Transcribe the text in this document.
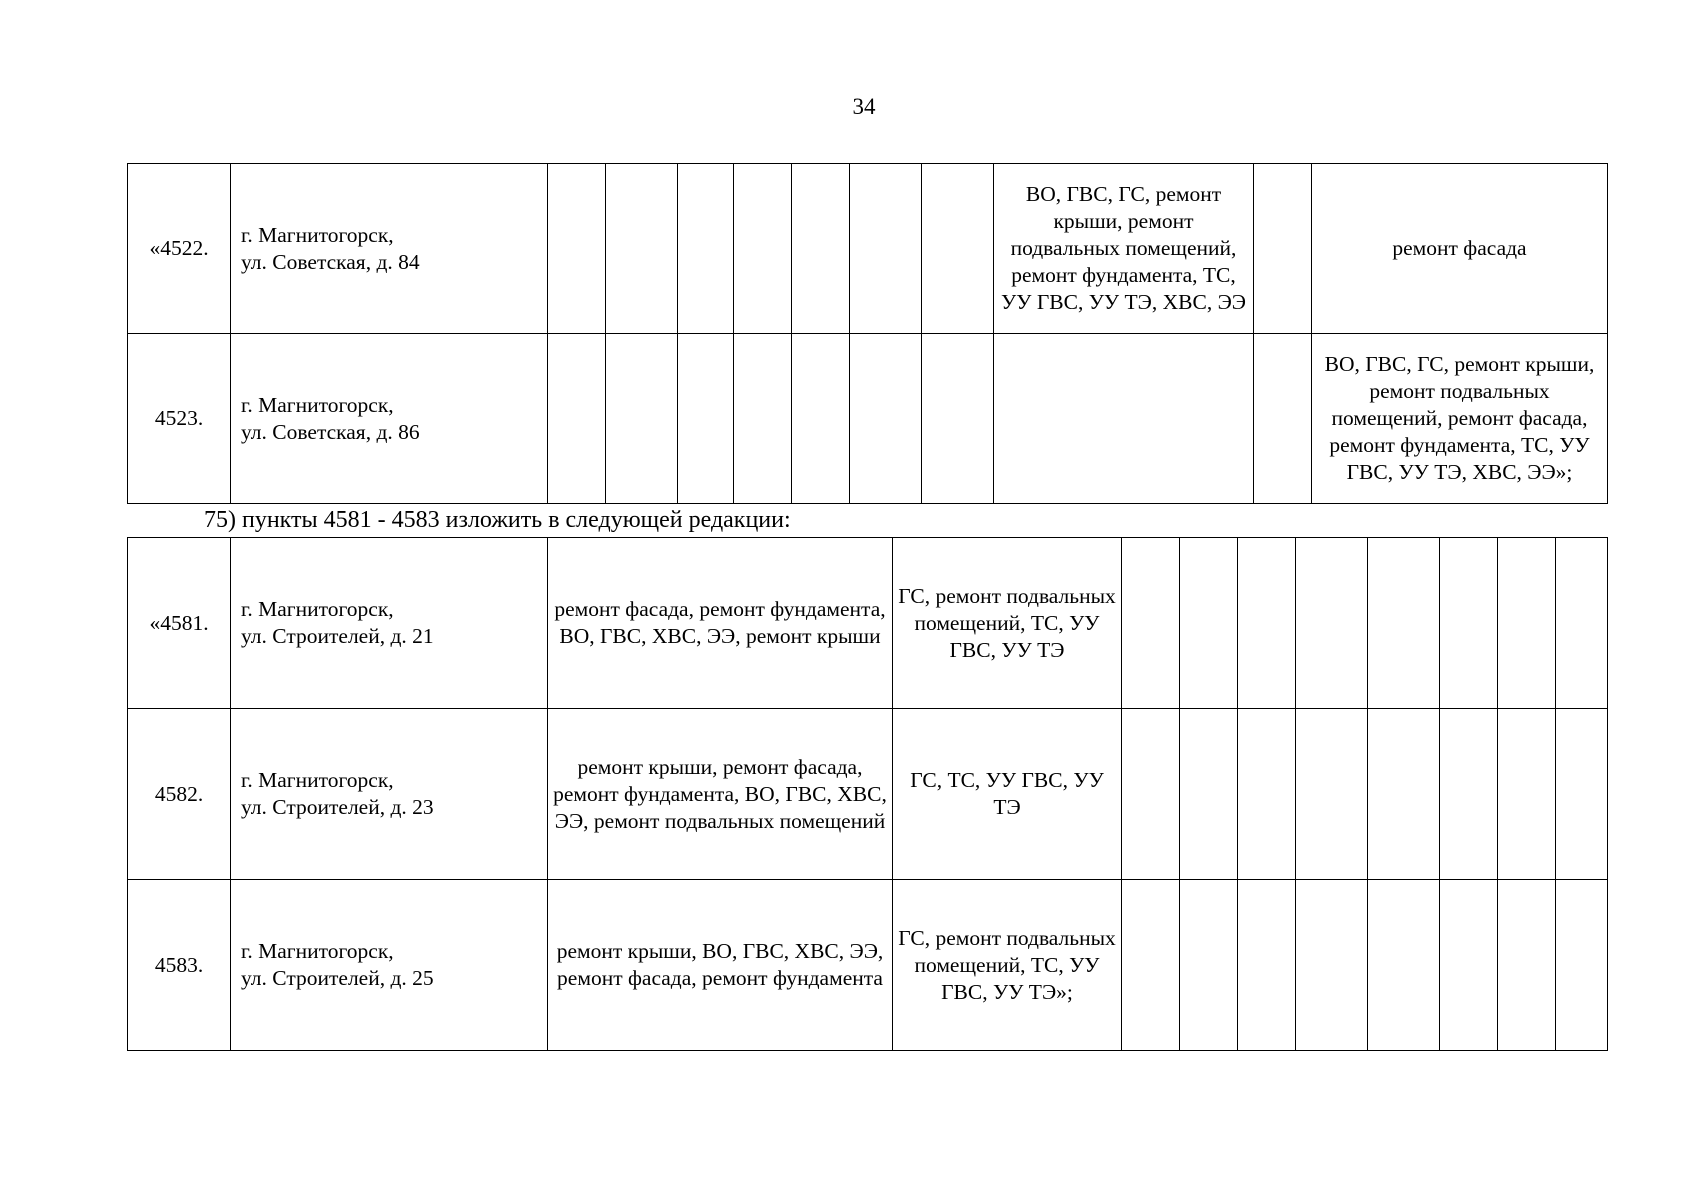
34
«4522.	г. Магнитогорск,
ул. Советская, д. 84								ВО, ГВС, ГС, ремонт крыши, ремонт подвальных помещений, ремонт фундамента, ТС, УУ ГВС, УУ ТЭ, ХВС, ЭЭ		ремонт фасада
4523.	г. Магнитогорск,
ул. Советская, д. 86										ВО, ГВС, ГС, ремонт крыши, ремонт подвальных помещений, ремонт фасада, ремонт фундамента, ТС, УУ ГВС, УУ ТЭ, ХВС, ЭЭ»;
75) пункты 4581 - 4583 изложить в следующей редакции:
«4581.	г. Магнитогорск,
ул. Строителей, д. 21	ремонт фасада, ремонт фундамента, ВО, ГВС, ХВС, ЭЭ, ремонт крыши	ГС, ремонт подвальных помещений, ТС, УУ ГВС, УУ ТЭ								
4582.	г. Магнитогорск,
ул. Строителей, д. 23	ремонт крыши, ремонт фасада, ремонт фундамента, ВО, ГВС, ХВС, ЭЭ, ремонт подвальных помещений	ГС, ТС, УУ ГВС, УУ ТЭ								
4583.	г. Магнитогорск,
ул. Строителей, д. 25	ремонт крыши, ВО, ГВС, ХВС, ЭЭ, ремонт фасада, ремонт фундамента	ГС, ремонт подвальных помещений, ТС, УУ ГВС, УУ ТЭ»;								
